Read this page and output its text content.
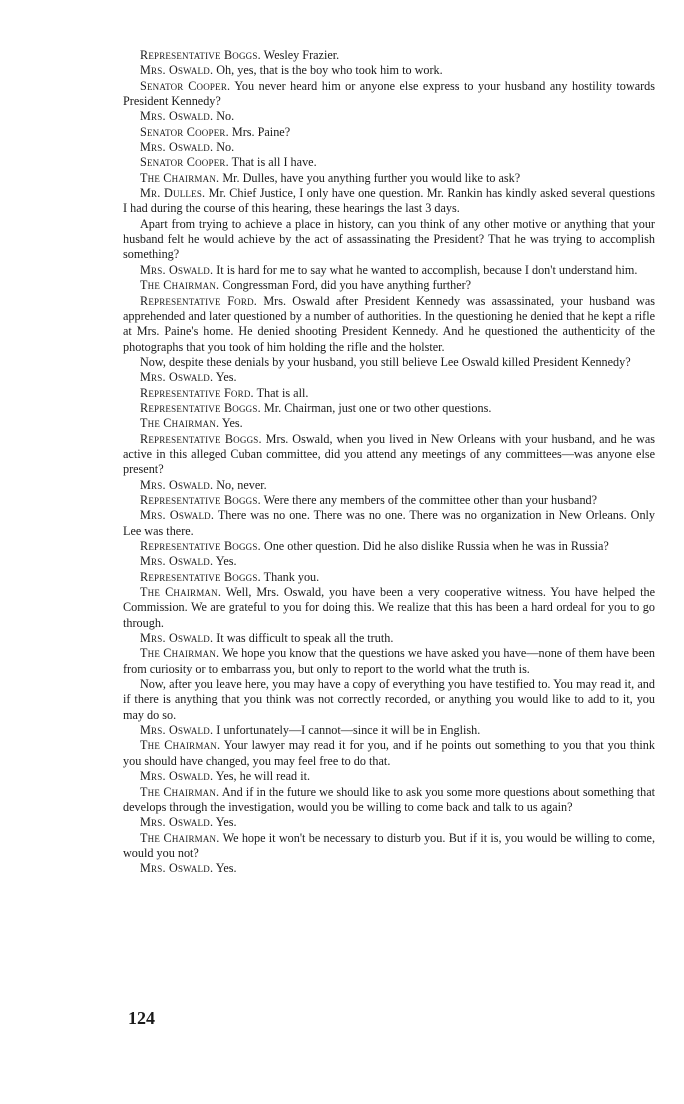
Representative Boggs. Wesley Frazier.

Mrs. Oswald. Oh, yes, that is the boy who took him to work.

Senator Cooper. You never heard him or anyone else express to your husband any hostility towards President Kennedy?

Mrs. Oswald. No.

Senator Cooper. Mrs. Paine?

Mrs. Oswald. No.

Senator Cooper. That is all I have.

The Chairman. Mr. Dulles, have you anything further you would like to ask?

Mr. Dulles. Mr. Chief Justice, I only have one question. Mr. Rankin has kindly asked several questions I had during the course of this hearing, these hearings the last 3 days.

Apart from trying to achieve a place in history, can you think of any other motive or anything that your husband felt he would achieve by the act of assassinating the President? That he was trying to accomplish something?

Mrs. Oswald. It is hard for me to say what he wanted to accomplish, because I don't understand him.

The Chairman. Congressman Ford, did you have anything further?

Representative Ford. Mrs. Oswald after President Kennedy was assassinated, your husband was apprehended and later questioned by a number of authorities. In the questioning he denied that he kept a rifle at Mrs. Paine's home. He denied shooting President Kennedy. And he questioned the authenticity of the photographs that you took of him holding the rifle and the holster.

Now, despite these denials by your husband, you still believe Lee Oswald killed President Kennedy?

Mrs. Oswald. Yes.

Representative Ford. That is all.

Representative Boggs. Mr. Chairman, just one or two other questions.

The Chairman. Yes.

Representative Boggs. Mrs. Oswald, when you lived in New Orleans with your husband, and he was active in this alleged Cuban committee, did you attend any meetings of any committees—was anyone else present?

Mrs. Oswald. No, never.

Representative Boggs. Were there any members of the committee other than your husband?

Mrs. Oswald. There was no one. There was no one. There was no organization in New Orleans. Only Lee was there.

Representative Boggs. One other question. Did he also dislike Russia when he was in Russia?

Mrs. Oswald. Yes.

Representative Boggs. Thank you.

The Chairman. Well, Mrs. Oswald, you have been a very cooperative witness. You have helped the Commission. We are grateful to you for doing this. We realize that this has been a hard ordeal for you to go through.

Mrs. Oswald. It was difficult to speak all the truth.

The Chairman. We hope you know that the questions we have asked you have—none of them have been from curiosity or to embarrass you, but only to report to the world what the truth is.

Now, after you leave here, you may have a copy of everything you have testified to. You may read it, and if there is anything that you think was not correctly recorded, or anything you would like to add to it, you may do so.

Mrs. Oswald. I unfortunately—I cannot—since it will be in English.

The Chairman. Your lawyer may read it for you, and if he points out something to you that you think you should have changed, you may feel free to do that.

Mrs. Oswald. Yes, he will read it.

The Chairman. And if in the future we should like to ask you some more questions about something that develops through the investigation, would you be willing to come back and talk to us again?

Mrs. Oswald. Yes.

The Chairman. We hope it won't be necessary to disturb you. But if it is, you would be willing to come, would you not?

Mrs. Oswald. Yes.

124
